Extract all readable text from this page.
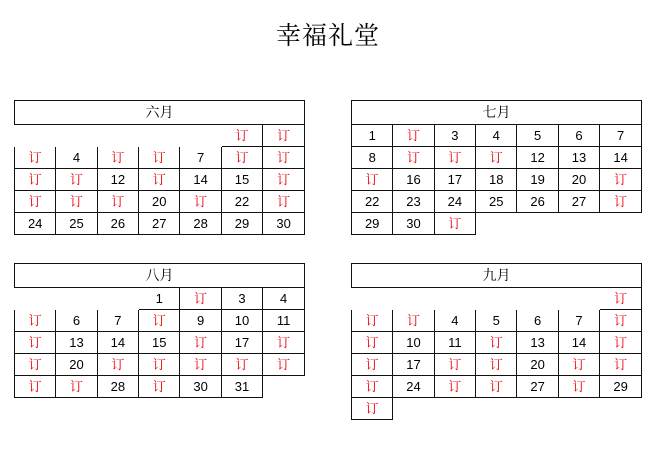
幸福礼堂
六月						
					订	订
订	4	订	订	7	订	订
订	订	12	订	14	15	订
订	订	订	20	订	22	订
24	25	26	27	28	29	30
七月						
1	订	3	4	5	6	7
8	订	订	订	12	13	14
订	16	17	18	19	20	订
22	23	24	25	26	27	订
29	30	订				
八月						
			1	订	3	4
订	6	7	订	9	10	11
订	13	14	15	订	17	订
订	20	订	订	订	订	订
订	订	28	订	30	31	
九月						
						订
订	订	4	5	6	7	订
订	10	11	订	13	14	订
订	17	订	订	20	订	订
订	24	订	订	27	订	29
订						
